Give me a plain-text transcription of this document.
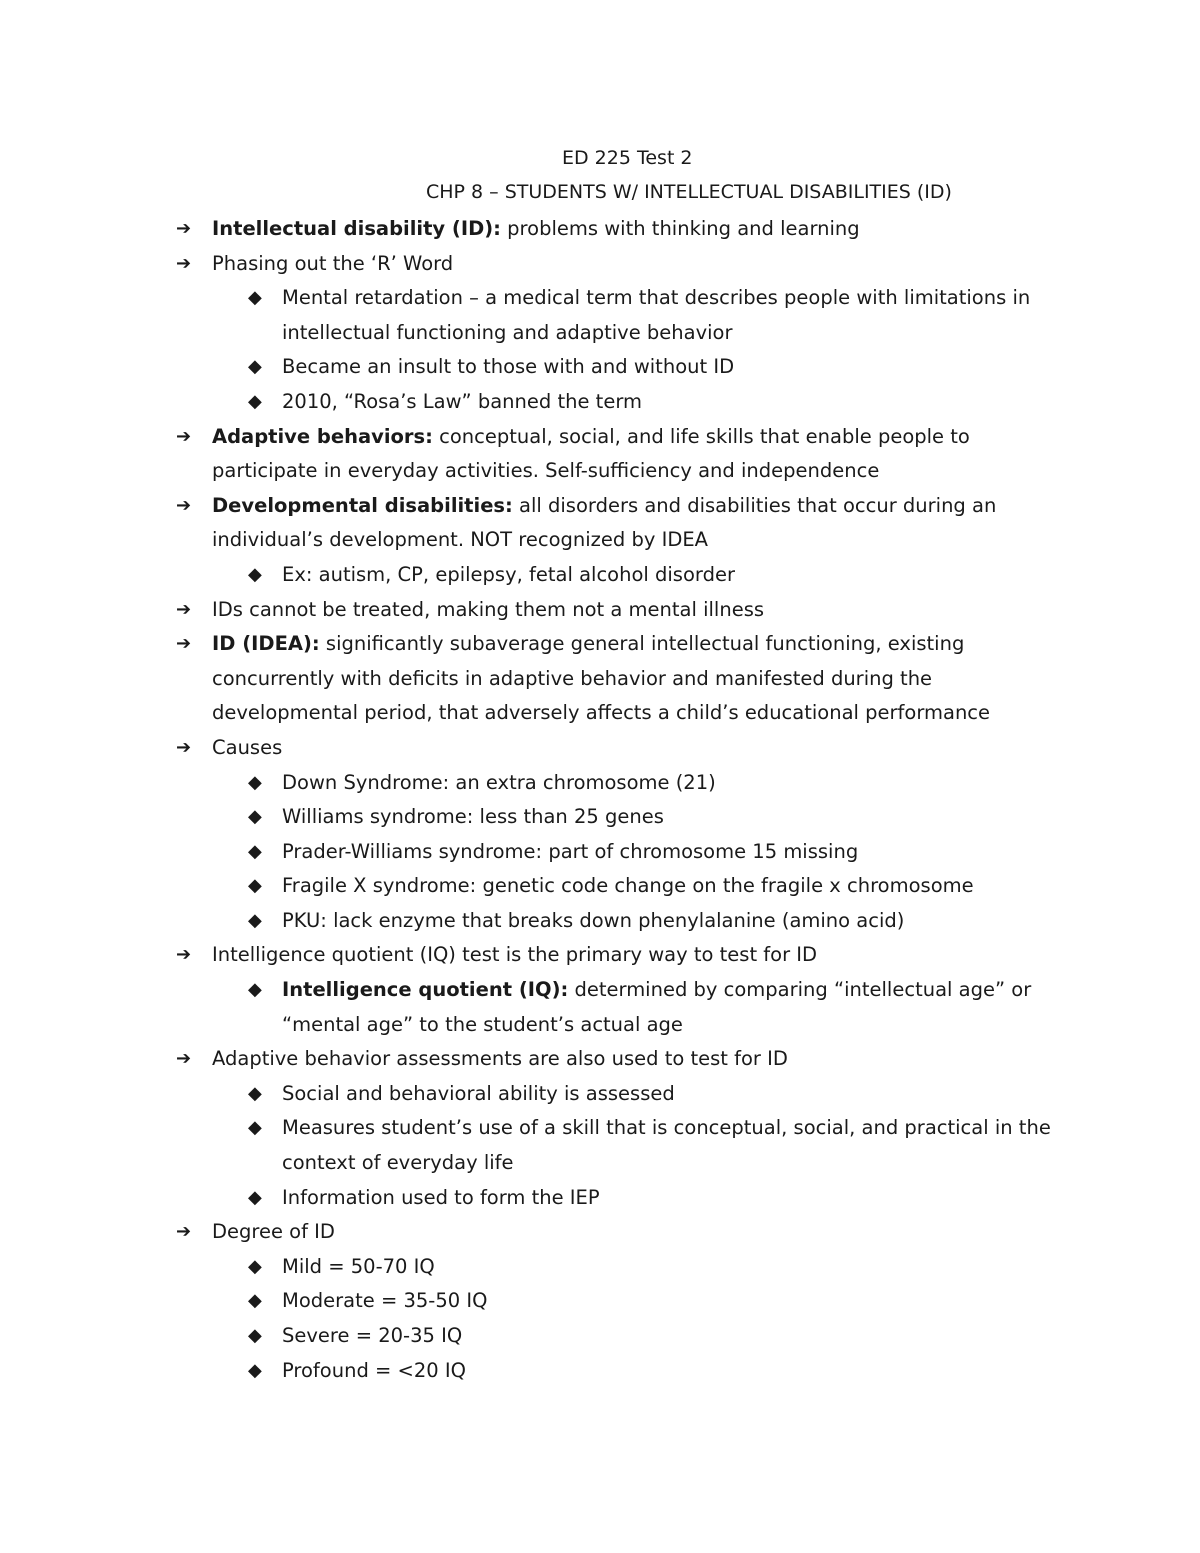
ED 225 Test 2
CHP 8 – STUDENTS W/ INTELLECTUAL DISABILITIES (ID)
➔	Intellectual disability (ID): problems with thinking and learning
➔	Phasing out the ‘R’ Word
◆	Mental retardation – a medical term that describes people with limitations in intellectual functioning and adaptive behavior
◆	Became an insult to those with and without ID
◆	2010, “Rosa’s Law” banned the term
➔	Adaptive behaviors: conceptual, social, and life skills that enable people to participate in everyday activities. Self-sufficiency and independence
➔	Developmental disabilities: all disorders and disabilities that occur during an individual’s development. NOT recognized by IDEA
◆	Ex: autism, CP, epilepsy, fetal alcohol disorder
➔	IDs cannot be treated, making them not a mental illness
➔	ID (IDEA): significantly subaverage general intellectual functioning, existing concurrently with deficits in adaptive behavior and manifested during the developmental period, that adversely affects a child’s educational performance
➔	Causes
◆	Down Syndrome: an extra chromosome (21)
◆	Williams syndrome: less than 25 genes
◆	Prader-Williams syndrome: part of chromosome 15 missing
◆	Fragile X syndrome: genetic code change on the fragile x chromosome
◆	PKU: lack enzyme that breaks down phenylalanine (amino acid)
➔	Intelligence quotient (IQ) test is the primary way to test for ID
◆	Intelligence quotient (IQ): determined by comparing “intellectual age” or “mental age” to the student’s actual age
➔	Adaptive behavior assessments are also used to test for ID
◆	Social and behavioral ability is assessed
◆	Measures student’s use of a skill that is conceptual, social, and practical in the context of everyday life
◆	Information used to form the IEP
➔	Degree of ID
◆	Mild = 50-70 IQ
◆	Moderate = 35-50 IQ
◆	Severe = 20-35 IQ
◆	Profound = <20 IQ
